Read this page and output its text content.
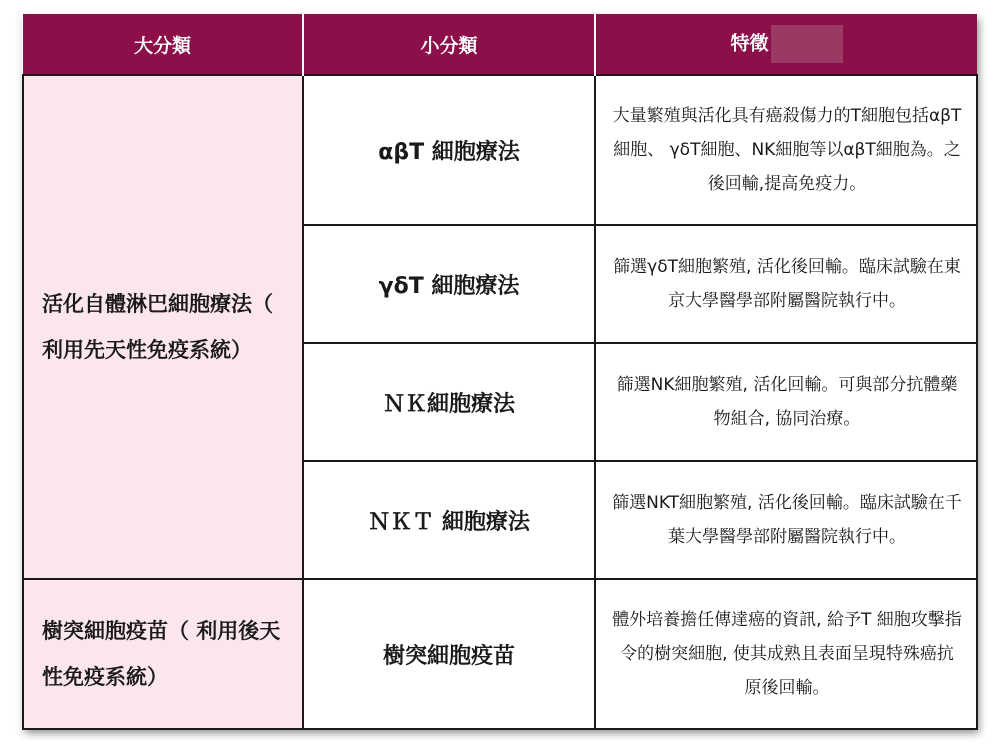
大分類	小分類	特徵
活化自體淋巴細胞療法（ 利用先天性免疫系統）	αβT 細胞療法	大量繁殖與活化具有癌殺傷力的T細胞包括αβT細胞、 γδT細胞、NK細胞等以αβT細胞為。之後回輸,提高免疫力。
	γδT 細胞療法	篩選γδT細胞繁殖, 活化後回輸。臨床試驗在東京大學醫學部附屬醫院執行中。
	ＮＫ細胞療法	篩選NK細胞繁殖, 活化回輸。可與部分抗體藥物組合, 協同治療。
	ＮＫＴ 細胞療法	篩選NKT細胞繁殖, 活化後回輸。臨床試驗在千葉大學醫學部附屬醫院執行中。
樹突細胞疫苗（ 利用後天性免疫系統）	樹突細胞疫苗	體外培養擔任傳達癌的資訊, 給予T 細胞攻擊指令的樹突細胞, 使其成熟且表面呈現特殊癌抗原後回輸。
